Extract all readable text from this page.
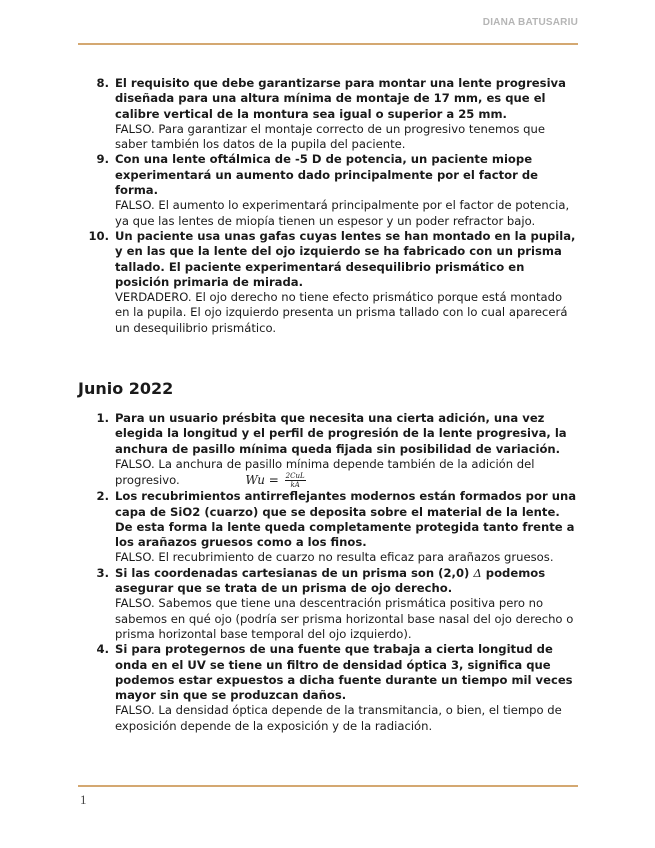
DIANA BATUSARIU
8. El requisito que debe garantizarse para montar una lente progresiva diseñada para una altura mínima de montaje de 17 mm, es que el calibre vertical de la montura sea igual o superior a 25 mm.
FALSO. Para garantizar el montaje correcto de un progresivo tenemos que saber también los datos de la pupila del paciente.
9. Con una lente oftálmica de -5 D de potencia, un paciente miope experimentará un aumento dado principalmente por el factor de forma.
FALSO. El aumento lo experimentará principalmente por el factor de potencia, ya que las lentes de miopía tienen un espesor y un poder refractor bajo.
10. Un paciente usa unas gafas cuyas lentes se han montado en la pupila, y en las que la lente del ojo izquierdo se ha fabricado con un prisma tallado. El paciente experimentará desequilibrio prismático en posición primaria de mirada.
VERDADERO. El ojo derecho no tiene efecto prismático porque está montado en la pupila. El ojo izquierdo presenta un prisma tallado con lo cual aparecerá un desequilibrio prismático.
Junio 2022
1. Para un usuario présbita que necesita una cierta adición, una vez elegida la longitud y el perfil de progresión de la lente progresiva, la anchura de pasillo mínima queda fijada sin posibilidad de variación.
FALSO. La anchura de pasillo mínima depende también de la adición del progresivo.	$Wu = \frac{\text{2CuL}}{kA}$
2. Los recubrimientos antirreflejantes modernos están formados por una capa de SiO2 (cuarzo) que se deposita sobre el material de la lente. De esta forma la lente queda completamente protegida tanto frente a los arañazos gruesos como a los finos.
FALSO. El recubrimiento de cuarzo no resulta eficaz para arañazos gruesos.
3. Si las coordenadas cartesianas de un prisma son (2,0) Δ podemos asegurar que se trata de un prisma de ojo derecho.
FALSO. Sabemos que tiene una descentración prismática positiva pero no sabemos en qué ojo (podría ser prisma horizontal base nasal del ojo derecho o prisma horizontal base temporal del ojo izquierdo).
4. Si para protegernos de una fuente que trabaja a cierta longitud de onda en el UV se tiene un filtro de densidad óptica 3, significa que podemos estar expuestos a dicha fuente durante un tiempo mil veces mayor sin que se produzcan daños.
FALSO. La densidad óptica depende de la transmitancia, o bien, el tiempo de exposición depende de la exposición y de la radiación.
1
